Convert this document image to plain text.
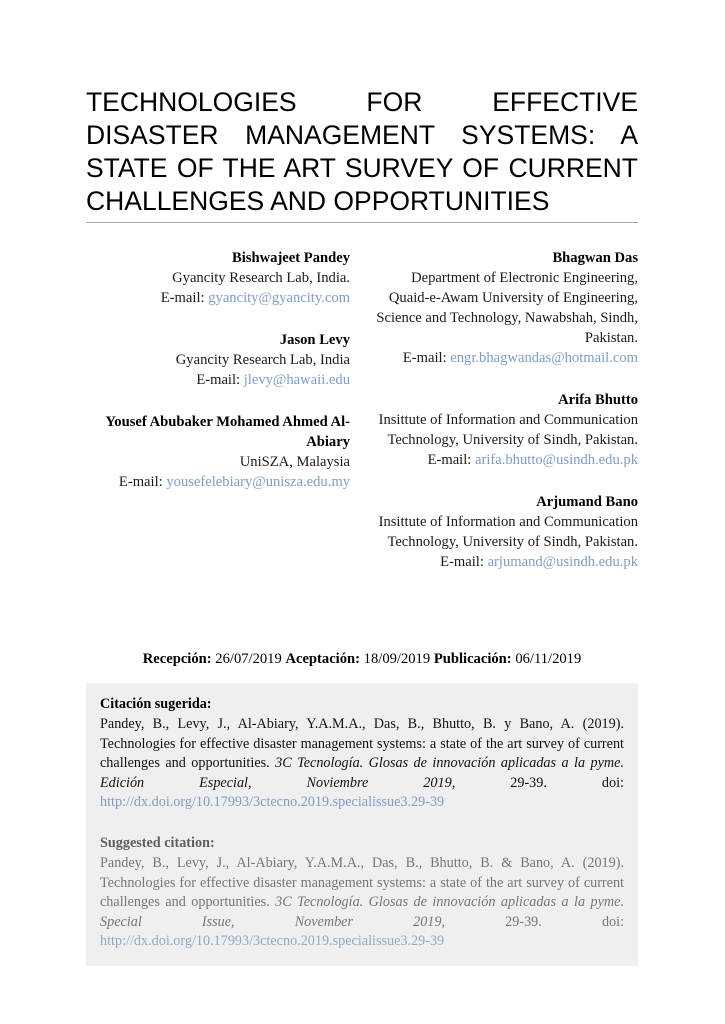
TECHNOLOGIES FOR EFFECTIVE DISASTER MANAGEMENT SYSTEMS: A STATE OF THE ART SURVEY OF CURRENT CHALLENGES AND OPPORTUNITIES
Bishwajeet Pandey
Gyancity Research Lab, India.
E-mail: gyancity@gyancity.com
Jason Levy
Gyancity Research Lab, India
E-mail: jlevy@hawaii.edu
Yousef Abubaker Mohamed Ahmed Al-Abiary
UniSZA, Malaysia
E-mail: yousefelebiary@unisza.edu.my
Bhagwan Das
Department of Electronic Engineering, Quaid-e-Awam University of Engineering, Science and Technology, Nawabshah, Sindh, Pakistan.
E-mail: engr.bhagwandas@hotmail.com
Arifa Bhutto
Insittute of Information and Communication Technology, University of Sindh, Pakistan.
E-mail: arifa.bhutto@usindh.edu.pk
Arjumand Bano
Insittute of Information and Communication Technology, University of Sindh, Pakistan.
E-mail: arjumand@usindh.edu.pk
Recepción: 26/07/2019 Aceptación: 18/09/2019 Publicación: 06/11/2019
Citación sugerida:
Pandey, B., Levy, J., Al-Abiary, Y.A.M.A., Das, B., Bhutto, B. y Bano, A. (2019). Technologies for effective disaster management systems: a state of the art survey of current challenges and opportunities. 3C Tecnología. Glosas de innovación aplicadas a la pyme. Edición Especial, Noviembre 2019, 29-39.	doi: http://dx.doi.org/10.17993/3ctecno.2019.specialissue3.29-39
Suggested citation:
Pandey, B., Levy, J., Al-Abiary, Y.A.M.A., Das, B., Bhutto, B. & Bano, A. (2019). Technologies for effective disaster management systems: a state of the art survey of current challenges and opportunities. 3C Tecnología. Glosas de innovación aplicadas a la pyme. Special Issue, November 2019, 29-39.	doi: http://dx.doi.org/10.17993/3ctecno.2019.specialissue3.29-39
